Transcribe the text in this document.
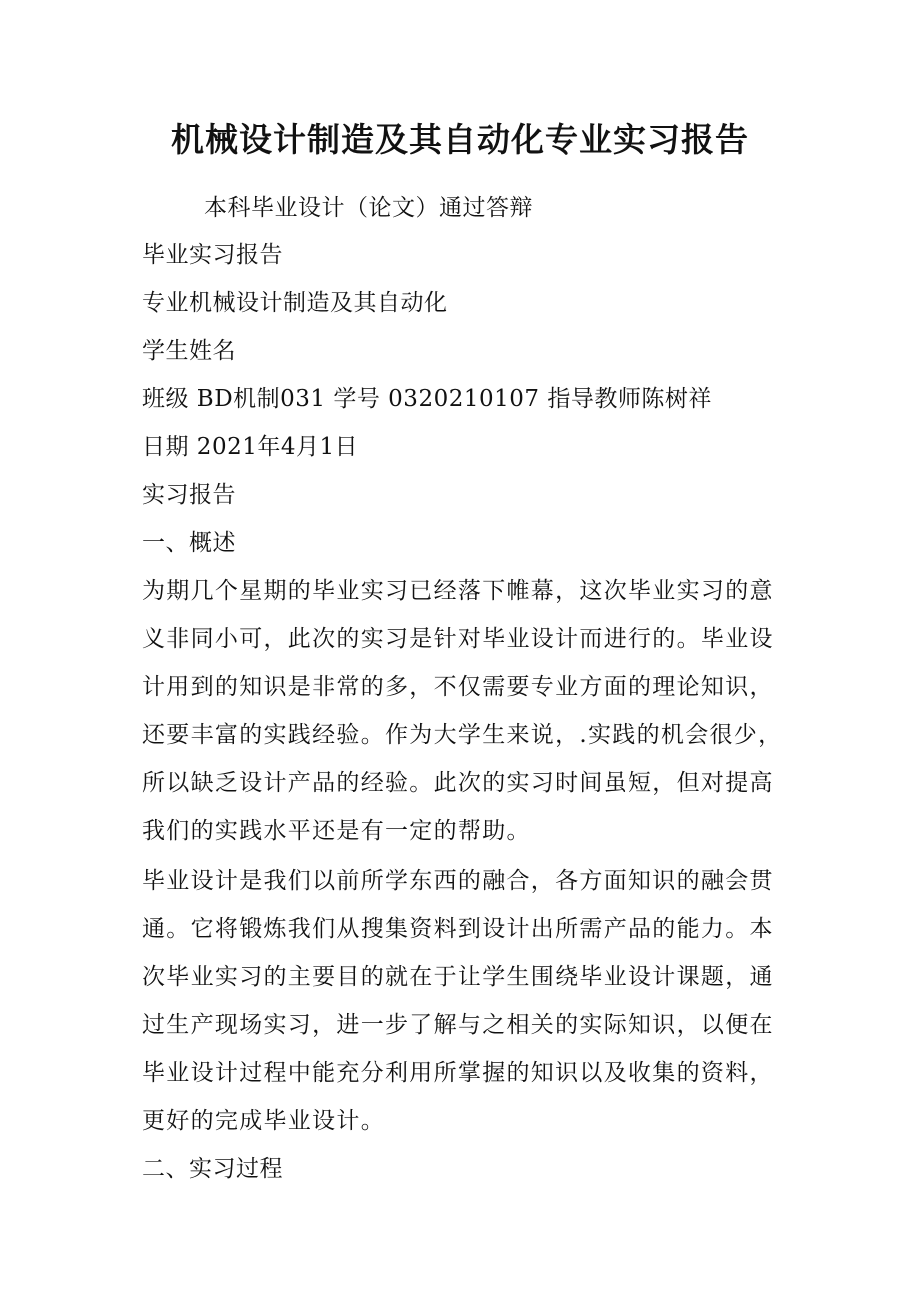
机械设计制造及其自动化专业实习报告
本科毕业设计（论文）通过答辩
毕业实习报告
专业机械设计制造及其自动化
学生姓名
班级 BD机制031 学号 0320210107 指导教师陈树祥
日期 2021年4月1日
实习报告
一、概述
为期几个星期的毕业实习已经落下帷幕，这次毕业实习的意
义非同小可，此次的实习是针对毕业设计而进行的。毕业设
计用到的知识是非常的多，不仅需要专业方面的理论知识，
还要丰富的实践经验。作为大学生来说，.实践的机会很少，
所以缺乏设计产品的经验。此次的实习时间虽短，但对提高
我们的实践水平还是有一定的帮助。
毕业设计是我们以前所学东西的融合，各方面知识的融会贯
通。它将锻炼我们从搜集资料到设计出所需产品的能力。本
次毕业实习的主要目的就在于让学生围绕毕业设计课题，通
过生产现场实习，进一步了解与之相关的实际知识，以便在
毕业设计过程中能充分利用所掌握的知识以及收集的资料，
更好的完成毕业设计。
二、实习过程
